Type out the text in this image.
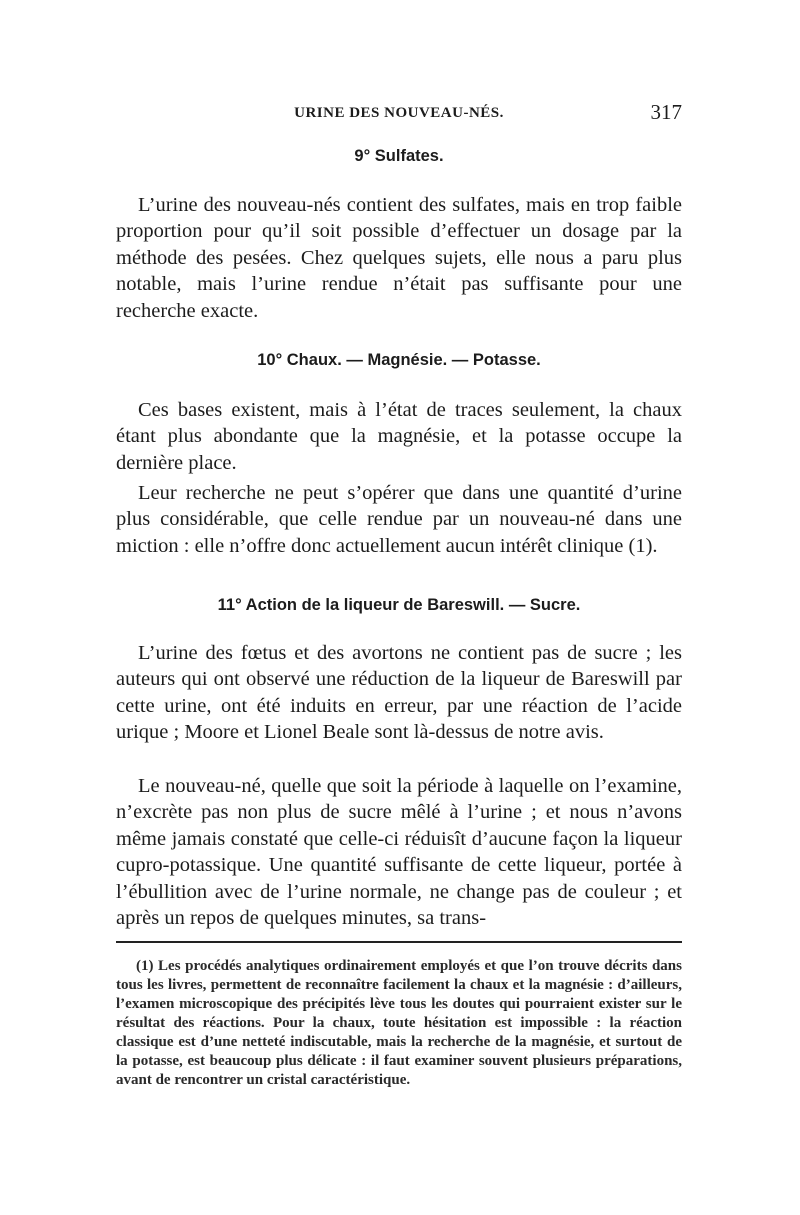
URINE DES NOUVEAU-NÉS.	317
9° Sulfates.

L’urine des nouveau-nés contient des sulfates, mais en trop faible proportion pour qu’il soit possible d’effectuer un dosage par la méthode des pesées. Chez quelques sujets, elle nous a paru plus notable, mais l’urine rendue n’était pas suffisante pour une recherche exacte.

10° Chaux. — Magnésie. — Potasse.

Ces bases existent, mais à l’état de traces seulement, la chaux étant plus abondante que la magnésie, et la potasse occupe la dernière place.

Leur recherche ne peut s’opérer que dans une quantité d’urine plus considérable, que celle rendue par un nouveau-né dans une miction : elle n’offre donc actuellement aucun intérêt clinique (1).

11° Action de la liqueur de Bareswill. — Sucre.

L’urine des fœtus et des avortons ne contient pas de sucre ; les auteurs qui ont observé une réduction de la liqueur de Bareswill par cette urine, ont été induits en erreur, par une réaction de l’acide urique ; Moore et Lionel Beale sont là-dessus de notre avis.

Le nouveau-né, quelle que soit la période à laquelle on l’examine, n’excrète pas non plus de sucre mêlé à l’urine ; et nous n’avons même jamais constaté que celle-ci réduisît d’aucune façon la liqueur cupro-potassique. Une quantité suffisante de cette liqueur, portée à l’ébullition avec de l’urine normale, ne change pas de couleur ; et après un repos de quelques minutes, sa trans-

(1) Les procédés analytiques ordinairement employés et que l’on trouve décrits dans tous les livres, permettent de reconnaître facilement la chaux et la magnésie : d’ailleurs, l’examen microscopique des précipités lève tous les doutes qui pourraient exister sur le résultat des réactions. Pour la chaux, toute hésitation est impossible : la réaction classique est d’une netteté indiscutable, mais la recherche de la magnésie, et surtout de la potasse, est beaucoup plus délicate : il faut examiner souvent plusieurs préparations, avant de rencontrer un cristal caractéristique.
